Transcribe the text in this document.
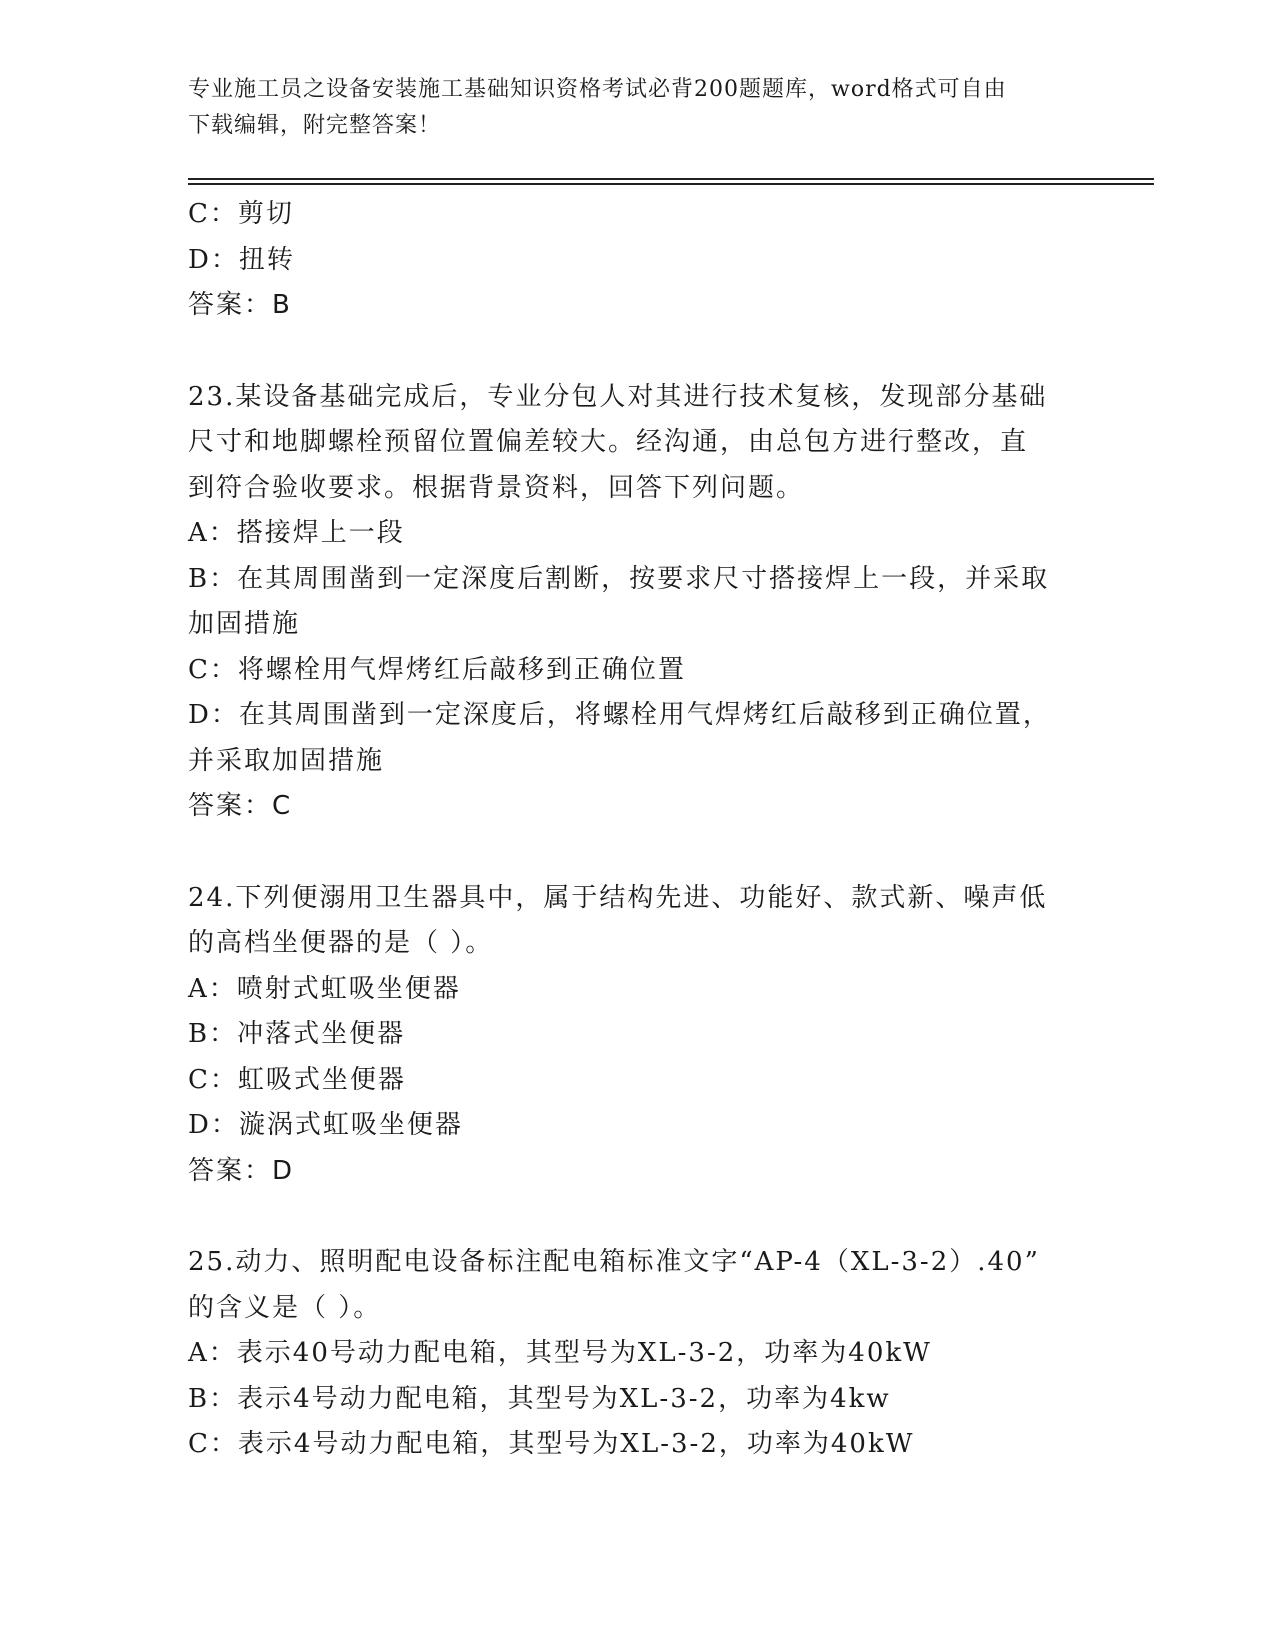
专业施工员之设备安装施工基础知识资格考试必背200题题库，word格式可自由
下载编辑，附完整答案！
C：剪切
D：扭转
答案：B
23.某设备基础完成后，专业分包人对其进行技术复核，发现部分基础
尺寸和地脚螺栓预留位置偏差较大。经沟通，由总包方进行整改，直
到符合验收要求。根据背景资料，回答下列问题。
A：搭接焊上一段
B：在其周围凿到一定深度后割断，按要求尺寸搭接焊上一段，并采取
加固措施
C：将螺栓用气焊烤红后敲移到正确位置
D：在其周围凿到一定深度后，将螺栓用气焊烤红后敲移到正确位置，
并采取加固措施
答案：C
24.下列便溺用卫生器具中，属于结构先进、功能好、款式新、噪声低
的高档坐便器的是（ ）。
A：喷射式虹吸坐便器
B：冲落式坐便器
C：虹吸式坐便器
D：漩涡式虹吸坐便器
答案：D
25.动力、照明配电设备标注配电箱标准文字“AP-4（XL-3-2）.40”
的含义是（ ）。
A：表示40号动力配电箱，其型号为XL-3-2，功率为40kW
B：表示4号动力配电箱，其型号为XL-3-2，功率为4kw
C：表示4号动力配电箱，其型号为XL-3-2，功率为40kW
